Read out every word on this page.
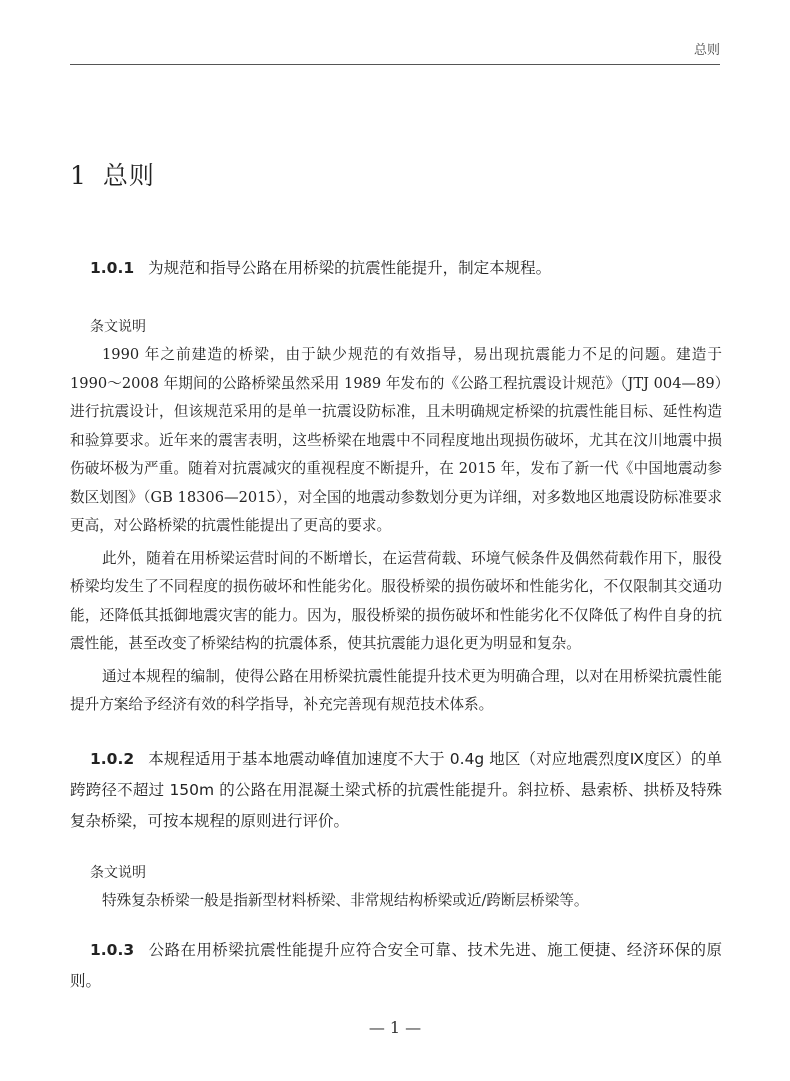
总则
1 总则

1.0.1 为规范和指导公路在用桥梁的抗震性能提升，制定本规程。

条文说明

1990 年之前建造的桥梁，由于缺少规范的有效指导，易出现抗震能力不足的问题。建造于 1990～2008 年期间的公路桥梁虽然采用 1989 年发布的《公路工程抗震设计规范》（JTJ 004—89）进行抗震设计，但该规范采用的是单一抗震设防标准，且未明确规定桥梁的抗震性能目标、延性构造和验算要求。近年来的震害表明，这些桥梁在地震中不同程度地出现损伤破坏，尤其在汶川地震中损伤破坏极为严重。随着对抗震减灾的重视程度不断提升，在 2015 年，发布了新一代《中国地震动参数区划图》（GB 18306—2015），对全国的地震动参数划分更为详细，对多数地区地震设防标准要求更高，对公路桥梁的抗震性能提出了更高的要求。

此外，随着在用桥梁运营时间的不断增长，在运营荷载、环境气候条件及偶然荷载作用下，服役桥梁均发生了不同程度的损伤破坏和性能劣化。服役桥梁的损伤破坏和性能劣化，不仅限制其交通功能，还降低其抵御地震灾害的能力。因为，服役桥梁的损伤破坏和性能劣化不仅降低了构件自身的抗震性能，甚至改变了桥梁结构的抗震体系，使其抗震能力退化更为明显和复杂。

通过本规程的编制，使得公路在用桥梁抗震性能提升技术更为明确合理，以对在用桥梁抗震性能提升方案给予经济有效的科学指导，补充完善现有规范技术体系。

1.0.2 本规程适用于基本地震动峰值加速度不大于 0.4g 地区（对应地震烈度Ⅸ度区）的单跨跨径不超过 150m 的公路在用混凝土梁式桥的抗震性能提升。斜拉桥、悬索桥、拱桥及特殊复杂桥梁，可按本规程的原则进行评价。

条文说明

特殊复杂桥梁一般是指新型材料桥梁、非常规结构桥梁或近/跨断层桥梁等。

1.0.3 公路在用桥梁抗震性能提升应符合安全可靠、技术先进、施工便捷、经济环保的原则。

— 1 —
